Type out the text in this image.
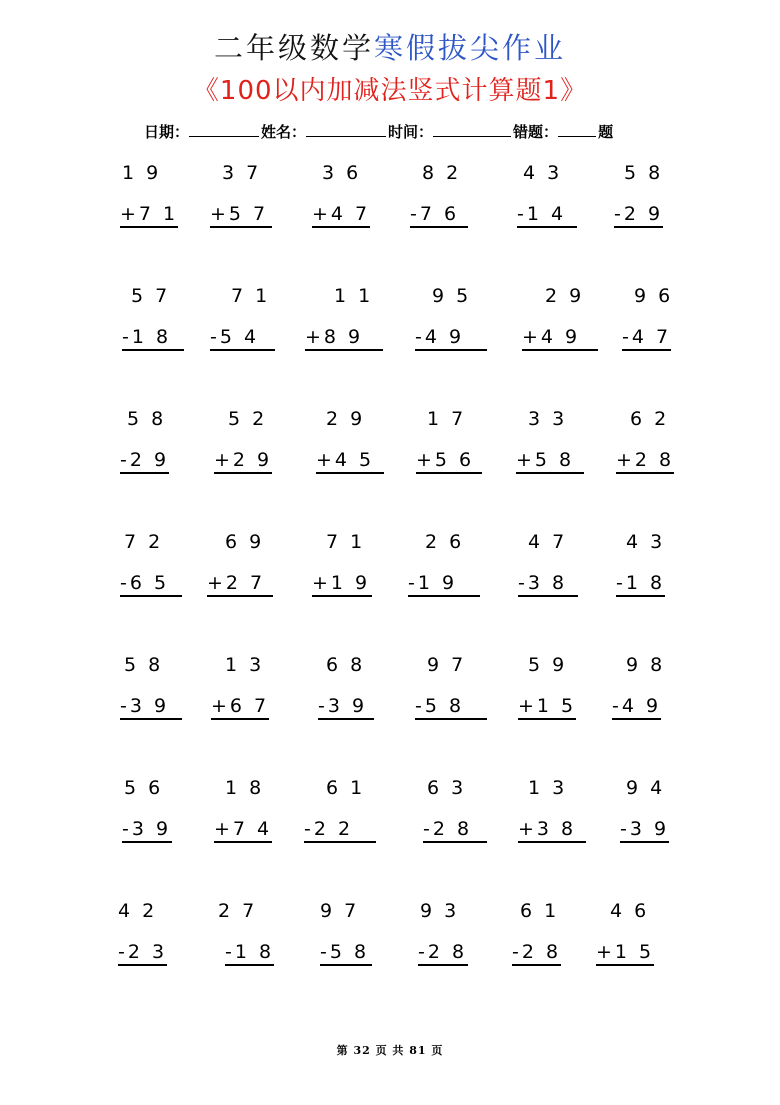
二年级数学寒假拔尖作业
《100以内加减法竖式计算题1》
日期：	姓名：	时间：	错题：	题
1 9
+7 1
3 7
+5 7
3 6
+4 7
8 2
-7 6
4 3
-1 4
5 8
-2 9
5 7
-1 8
7 1
-5 4
1 1
+8 9
9 5
-4 9
2 9
+4 9
9 6
-4 7
5 8
-2 9
5 2
+2 9
2 9
+4 5
1 7
+5 6
3 3
+5 8
6 2
+2 8
7 2
-6 5
6 9
+2 7
7 1
+1 9
2 6
-1 9
4 7
-3 8
4 3
-1 8
5 8
-3 9
1 3
+6 7
6 8
-3 9
9 7
-5 8
5 9
+1 5
9 8
-4 9
5 6
-3 9
1 8
+7 4
6 1
-2 2
6 3
-2 8
1 3
+3 8
9 4
-3 9
4 2
-2 3
2 7
-1 8
9 7
-5 8
9 3
-2 8
6 1
-2 8
4 6
+1 5
第 32 页 共 81 页
